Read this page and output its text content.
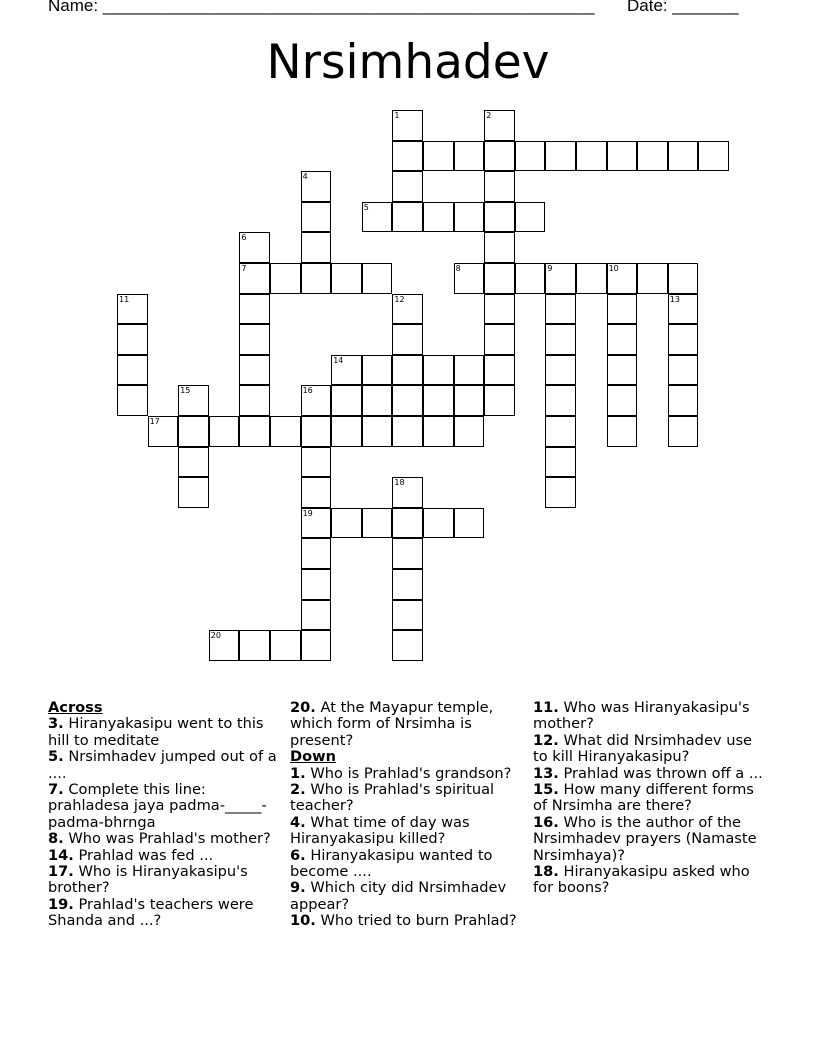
Name: ____________________________________________________ Date: _______
Nrsimhadev
5
7	8	9	10
14
16
17
19
20
1	2
4
6
11	12	13
15
18
Across
3. Hiranyakasipu went to this hill to meditate
5. Nrsimhadev jumped out of a ....
7. Complete this line: prahladesa jaya padma-_____-padma-bhrnga
8. Who was Prahlad's mother?
14. Prahlad was fed ...
17. Who is Hiranyakasipu's brother?
19. Prahlad's teachers were Shanda and ...?
20. At the Mayapur temple, which form of Nrsimha is present?
Down
1. Who is Prahlad's grandson?
2. Who is Prahlad's spiritual teacher?
4. What time of day was Hiranyakasipu killed?
6. Hiranyakasipu wanted to become ....
9. Which city did Nrsimhadev appear?
10. Who tried to burn Prahlad?
11. Who was Hiranyakasipu's mother?
12. What did Nrsimhadev use to kill Hiranyakasipu?
13. Prahlad was thrown off a ...
15. How many different forms of Nrsimha are there?
16. Who is the author of the Nrsimhadev prayers (Namaste Nrsimhaya)?
18. Hiranyakasipu asked who for boons?
